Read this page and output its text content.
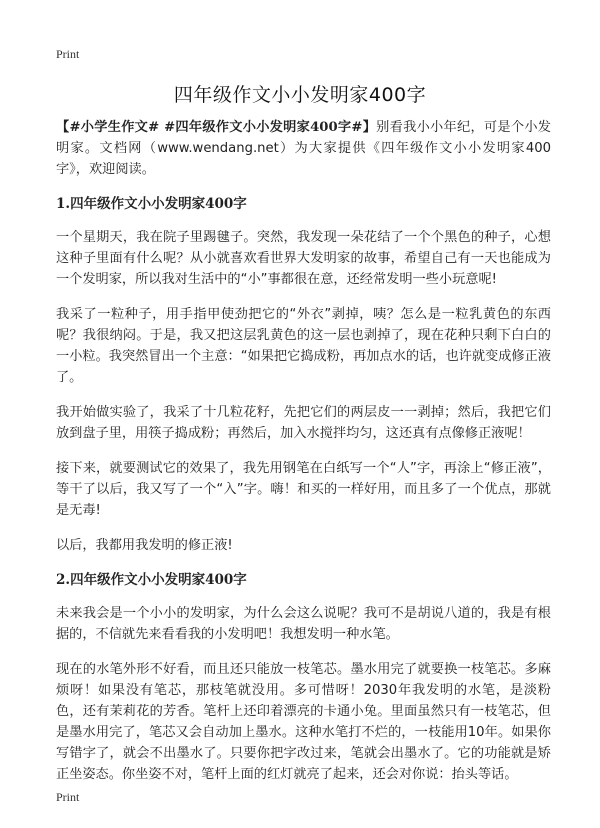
Print
四年级作文小小发明家400字

【#小学生作文# #四年级作文小小发明家400字#】别看我小小年纪，可是个小发明家。文档网（www.wendang.net）为大家提供《四年级作文小小发明家400字》，欢迎阅读。

1.四年级作文小小发明家400字

一个星期天，我在院子里踢毽子。突然，我发现一朵花结了一个个黑色的种子，心想这种子里面有什么呢？从小就喜欢看世界大发明家的故事，希望自己有一天也能成为一个发明家，所以我对生活中的“小”事都很在意，还经常发明一些小玩意呢!

我采了一粒种子，用手指甲使劲把它的“外衣”剥掉，咦？怎么是一粒乳黄色的东西呢？我很纳闷。于是，我又把这层乳黄色的这一层也剥掉了，现在花种只剩下白白的一小粒。我突然冒出一个主意：“如果把它捣成粉，再加点水的话，也许就变成修正液了。

我开始做实验了，我采了十几粒花籽，先把它们的两层皮一一剥掉；然后，我把它们放到盘子里，用筷子捣成粉；再然后，加入水搅拌均匀，这还真有点像修正液呢！

接下来，就要测试它的效果了，我先用钢笔在白纸写一个“人”字，再涂上“修正液”，等干了以后，我又写了一个“入”字。嗨！和买的一样好用，而且多了一个优点，那就是无毒!

以后，我都用我发明的修正液!

2.四年级作文小小发明家400字

未来我会是一个小小的发明家，为什么会这么说呢？我可不是胡说八道的，我是有根据的，不信就先来看看我的小发明吧！我想发明一种水笔。

现在的水笔外形不好看，而且还只能放一枝笔芯。墨水用完了就要换一枝笔芯。多麻烦呀！如果没有笔芯，那枝笔就没用。多可惜呀！2030年我发明的水笔，是淡粉色，还有茉莉花的芳香。笔杆上还印着漂亮的卡通小兔。里面虽然只有一枝笔芯，但是墨水用完了，笔芯又会自动加上墨水。这种水笔打不烂的，一枝能用10年。如果你写错字了，就会不出墨水了。只要你把字改过来，笔就会出墨水了。它的功能就是矫正坐姿态。你坐姿不对，笔杆上面的红灯就亮了起来，还会对你说：抬头等话。

Print
